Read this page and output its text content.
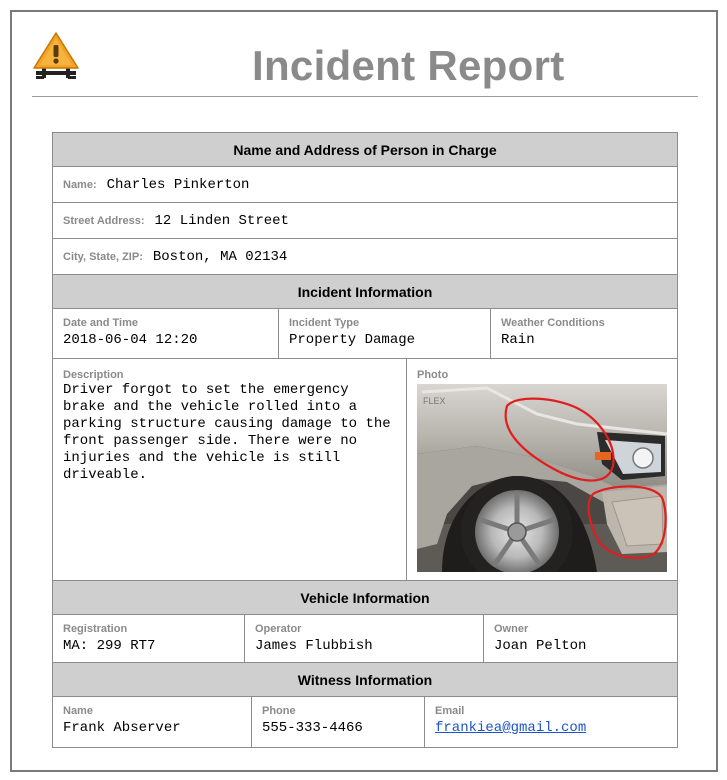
Incident Report
Name and Address of Person in Charge
Name: Charles Pinkerton
Street Address: 12 Linden Street
City, State, ZIP: Boston, MA 02134
Incident Information
Date and Time
2018-06-04 12:20
Incident Type
Property Damage
Weather Conditions
Rain
Description
Driver forgot to set the emergency brake and the vehicle rolled into a parking structure causing damage to the front passenger side. There were no injuries and the vehicle is still driveable.
Photo
FLEX
Vehicle Information
Registration
MA: 299 RT7
Operator
James Flubbish
Owner
Joan Pelton
Witness Information
Name
Frank Abserver
Phone
555-333-4466
Email
frankiea@gmail.com
